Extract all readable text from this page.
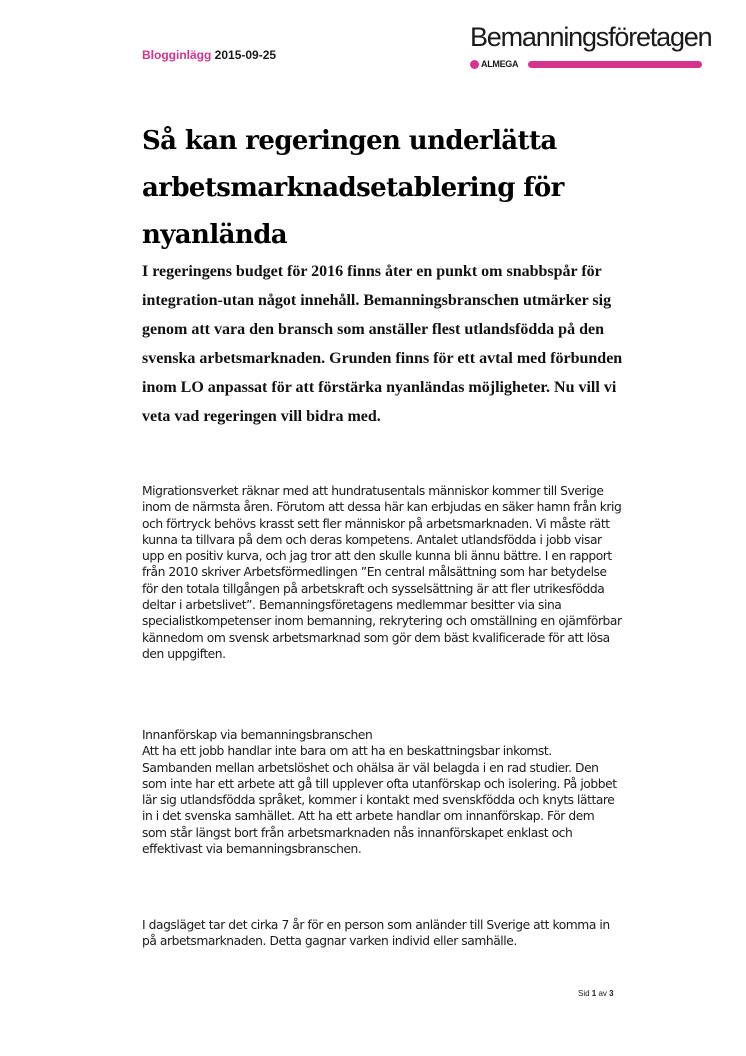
Blogginlägg 2015-09-25
Bemanningsföretagen
ALMEGA
Så kan regeringen underlätta arbetsmarknadsetablering för nyanlända

I regeringens budget för 2016 finns åter en punkt om snabbspår för integration-utan något innehåll. Bemanningsbranschen utmärker sig genom att vara den bransch som anställer flest utlandsfödda på den svenska arbetsmarknaden. Grunden finns för ett avtal med förbunden inom LO anpassat för att förstärka nyanländas möjligheter. Nu vill vi veta vad regeringen vill bidra med.

Migrationsverket räknar med att hundratusentals människor kommer till Sverige inom de närmsta åren. Förutom att dessa här kan erbjudas en säker hamn från krig och förtryck behövs krasst sett fler människor på arbetsmarknaden. Vi måste rätt kunna ta tillvara på dem och deras kompetens. Antalet utlandsfödda i jobb visar upp en positiv kurva, och jag tror att den skulle kunna bli ännu bättre. I en rapport från 2010 skriver Arbetsförmedlingen ”En central målsättning som har betydelse för den totala tillgången på arbetskraft och sysselsättning är att fler utrikesfödda deltar i arbetslivet”. Bemanningsföretagens medlemmar besitter via sina specialistkompetenser inom bemanning, rekrytering och omställning en ojämförbar kännedom om svensk arbetsmarknad som gör dem bäst kvalificerade för att lösa den uppgiften.

Innanförskap via bemanningsbranschen
Att ha ett jobb handlar inte bara om att ha en beskattningsbar inkomst. Sambanden mellan arbetslöshet och ohälsa är väl belagda i en rad studier. Den som inte har ett arbete att gå till upplever ofta utanförskap och isolering. På jobbet lär sig utlandsfödda språket, kommer i kontakt med svenskfödda och knyts lättare in i det svenska samhället. Att ha ett arbete handlar om innanförskap. För dem som står längst bort från arbetsmarknaden nås innanförskapet enklast och effektivast via bemanningsbranschen.

I dagsläget tar det cirka 7 år för en person som anländer till Sverige att komma in på arbetsmarknaden. Detta gagnar varken individ eller samhälle.

Sid 1 av 3
